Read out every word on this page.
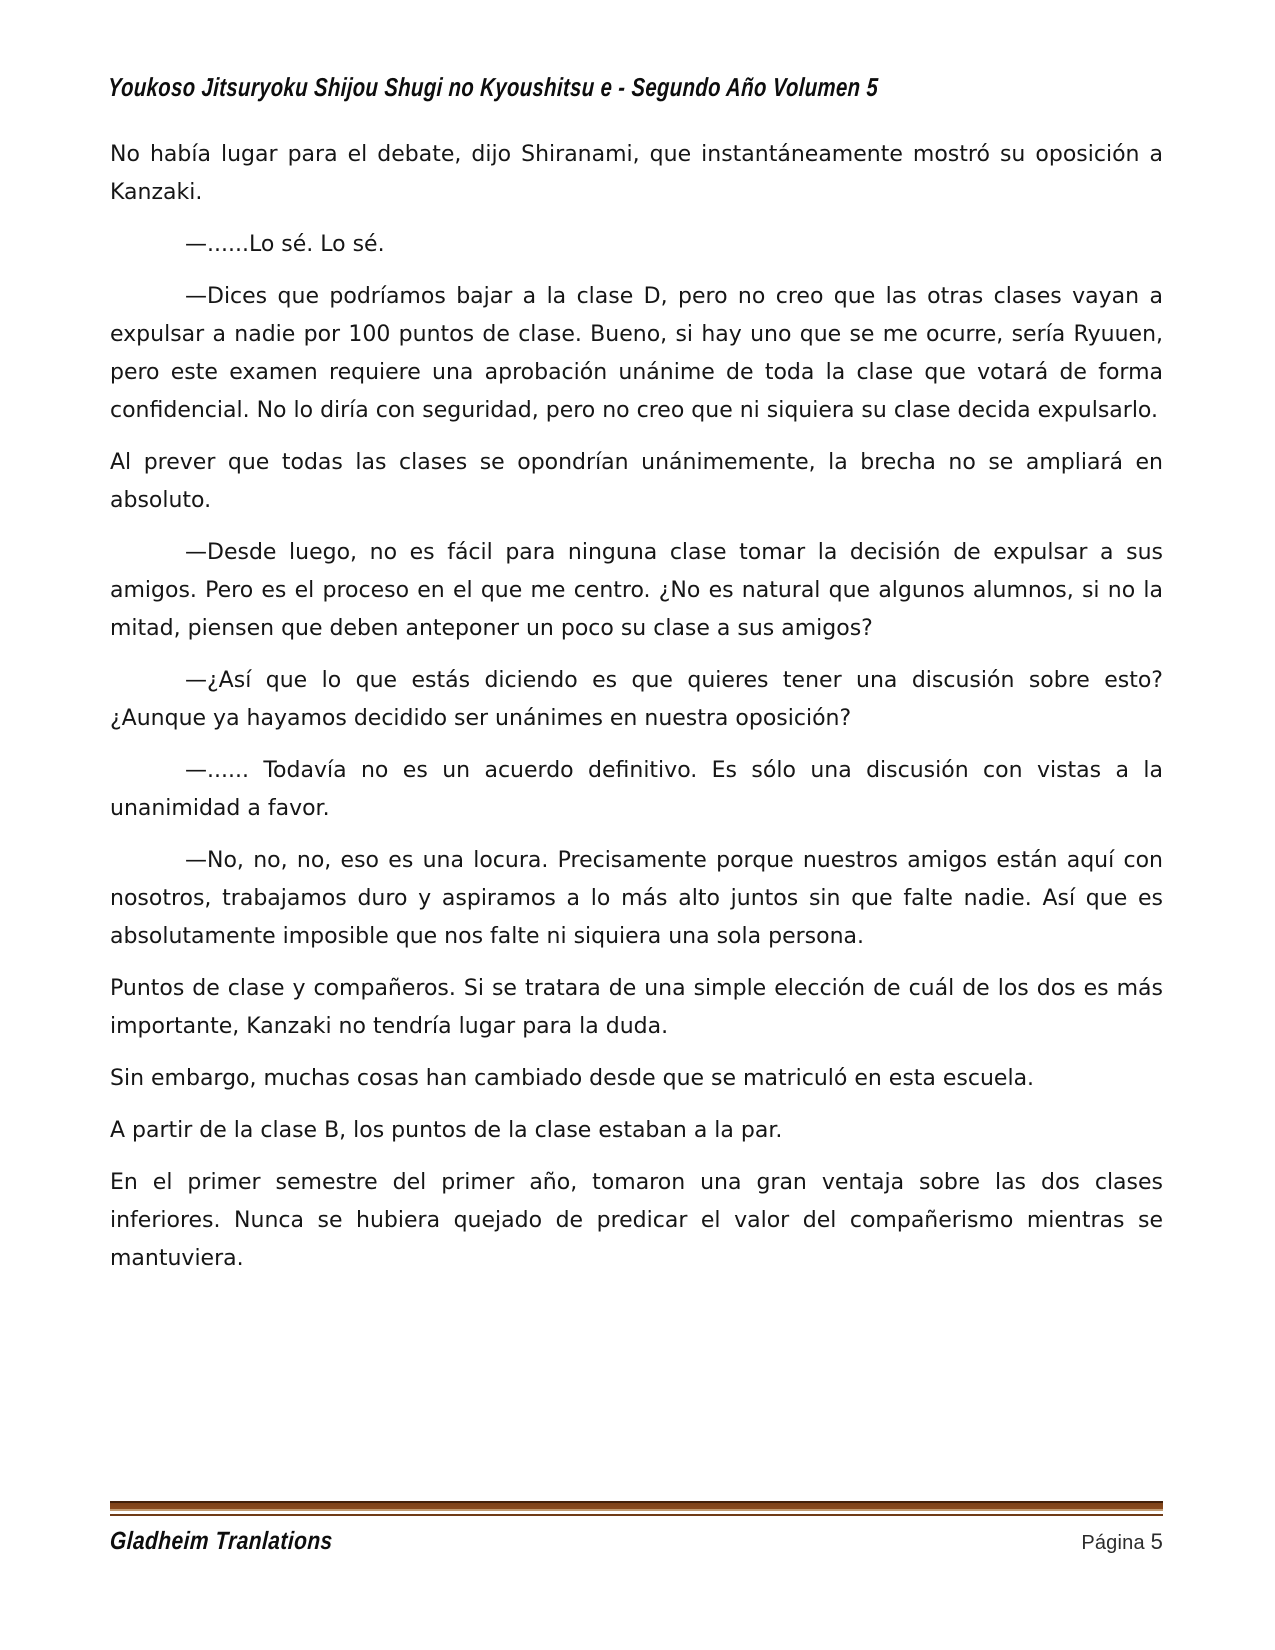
Youkoso Jitsuryoku Shijou Shugi no Kyoushitsu e - Segundo Año Volumen 5

No había lugar para el debate, dijo Shiranami, que instantáneamente mostró su oposición a Kanzaki.

—......Lo sé. Lo sé.

—Dices que podríamos bajar a la clase D, pero no creo que las otras clases vayan a expulsar a nadie por 100 puntos de clase. Bueno, si hay uno que se me ocurre, sería Ryuuen, pero este examen requiere una aprobación unánime de toda la clase que votará de forma confidencial. No lo diría con seguridad, pero no creo que ni siquiera su clase decida expulsarlo.

Al prever que todas las clases se opondrían unánimemente, la brecha no se ampliará en absoluto.

—Desde luego, no es fácil para ninguna clase tomar la decisión de expulsar a sus amigos. Pero es el proceso en el que me centro. ¿No es natural que algunos alumnos, si no la mitad, piensen que deben anteponer un poco su clase a sus amigos?

—¿Así que lo que estás diciendo es que quieres tener una discusión sobre esto? ¿Aunque ya hayamos decidido ser unánimes en nuestra oposición?

—...... Todavía no es un acuerdo definitivo. Es sólo una discusión con vistas a la unanimidad a favor.

—No, no, no, eso es una locura. Precisamente porque nuestros amigos están aquí con nosotros, trabajamos duro y aspiramos a lo más alto juntos sin que falte nadie. Así que es absolutamente imposible que nos falte ni siquiera una sola persona.

Puntos de clase y compañeros. Si se tratara de una simple elección de cuál de los dos es más importante, Kanzaki no tendría lugar para la duda.

Sin embargo, muchas cosas han cambiado desde que se matriculó en esta escuela.

A partir de la clase B, los puntos de la clase estaban a la par.

En el primer semestre del primer año, tomaron una gran ventaja sobre las dos clases inferiores. Nunca se hubiera quejado de predicar el valor del compañerismo mientras se mantuviera.

Gladheim Tranlations	Página 5
